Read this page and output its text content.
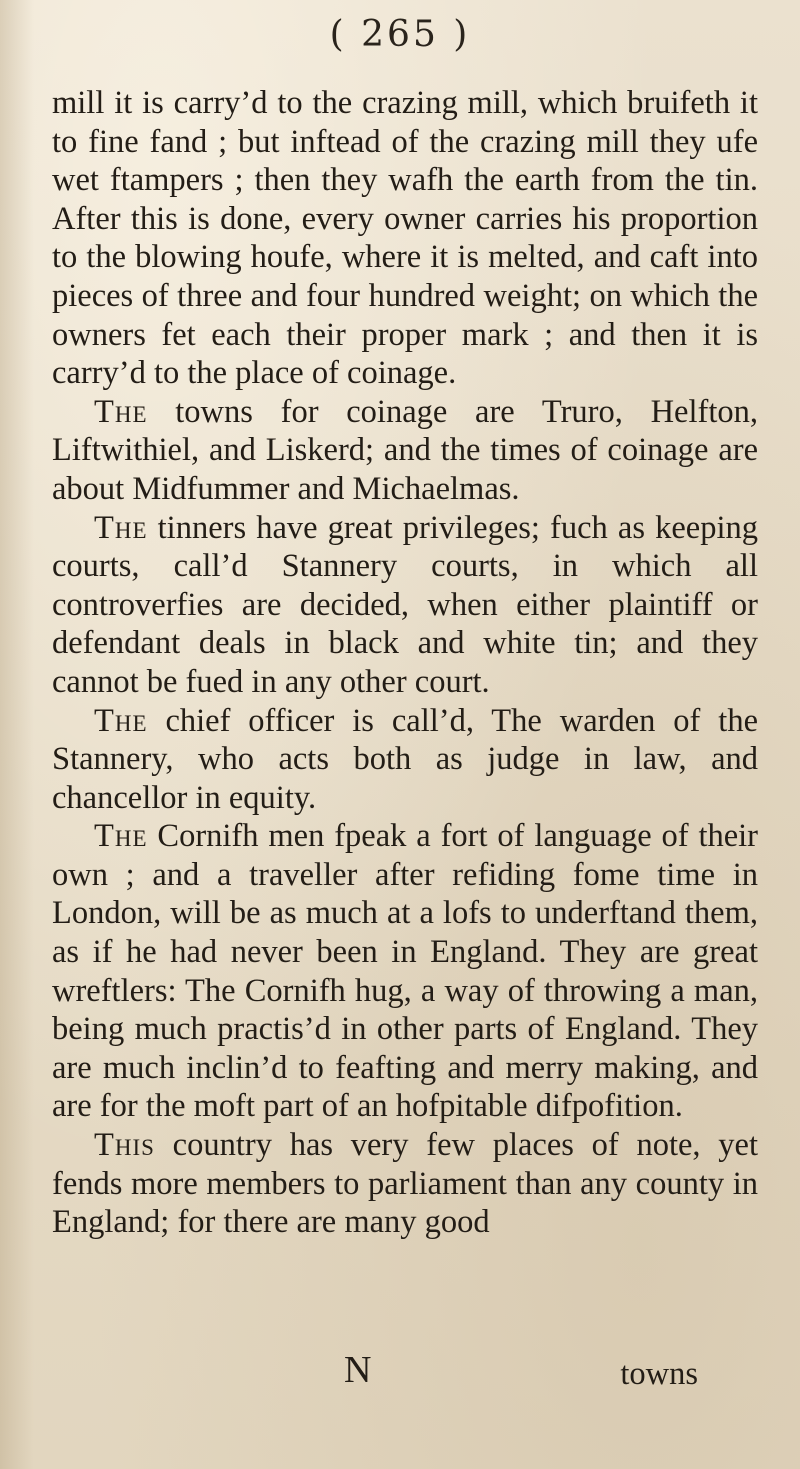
( 265 )

mill it is carry’d to the crazing mill, which bruifeth it to fine fand ; but inftead of the crazing mill they ufe wet ftampers ; then they wafh the earth from the tin. After this is done, every owner carries his proportion to the blowing houfe, where it is melted, and caft into pieces of three and four hundred weight; on which the owners fet each their proper mark ; and then it is carry’d to the place of coinage.

The towns for coinage are Truro, Helfton, Liftwithiel, and Liskerd; and the times of coinage are about Midfummer and Michaelmas.

The tinners have great privileges; fuch as keeping courts, call’d Stannery courts, in which all controverfies are decided, when either plaintiff or defendant deals in black and white tin; and they cannot be fued in any other court.

The chief officer is call’d, The warden of the Stannery, who acts both as judge in law, and chancellor in equity.

The Cornifh men fpeak a fort of language of their own ; and a traveller after refiding fome time in London, will be as much at a lofs to underftand them, as if he had never been in England. They are great wreftlers: The Cornifh hug, a way of throwing a man, being much practis’d in other parts of England. They are much inclin’d to feafting and merry making, and are for the moft part of an hofpitable difpofition.

This country has very few places of note, yet fends more members to parliament than any county in England; for there are many good

N	towns
